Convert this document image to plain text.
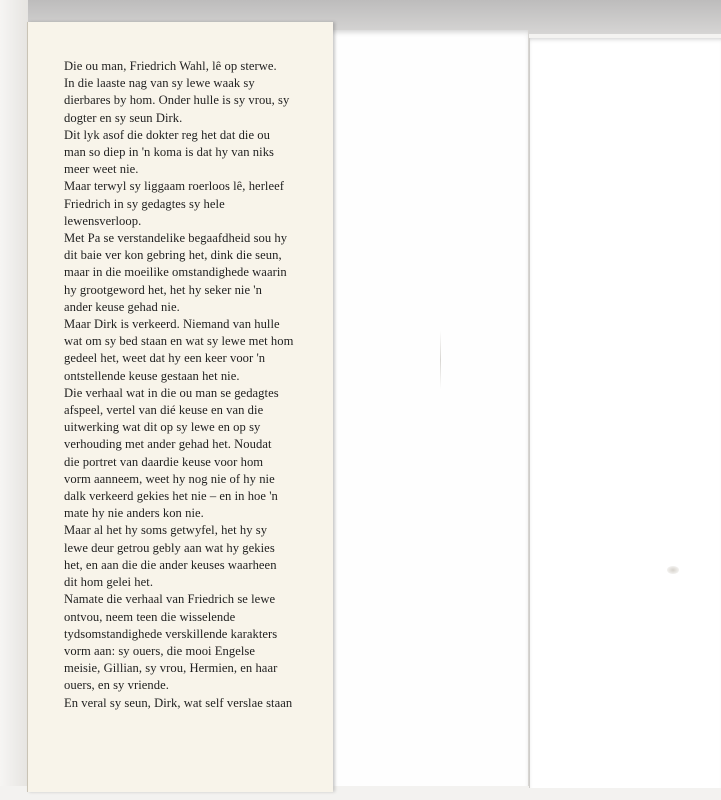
Die ou man, Friedrich Wahl, lê op sterwe.
In die laaste nag van sy lewe waak sy
dierbares by hom. Onder hulle is sy vrou, sy
dogter en sy seun Dirk.

Dit lyk asof die dokter reg het dat die ou
man so diep in 'n koma is dat hy van niks
meer weet nie.

Maar terwyl sy liggaam roerloos lê, herleef
Friedrich in sy gedagtes sy hele
lewensverloop.

Met Pa se verstandelike begaafdheid sou hy
dit baie ver kon gebring het, dink die seun,
maar in die moeilike omstandighede waarin
hy grootgeword het, het hy seker nie 'n
ander keuse gehad nie.

Maar Dirk is verkeerd. Niemand van hulle
wat om sy bed staan en wat sy lewe met hom
gedeel het, weet dat hy een keer voor 'n
ontstellende keuse gestaan het nie.

Die verhaal wat in die ou man se gedagtes
afspeel, vertel van dié keuse en van die
uitwerking wat dit op sy lewe en op sy
verhouding met ander gehad het. Noudat
die portret van daardie keuse voor hom
vorm aanneem, weet hy nog nie of hy nie
dalk verkeerd gekies het nie – en in hoe 'n
mate hy nie anders kon nie.

Maar al het hy soms getwyfel, het hy sy
lewe deur getrou gebly aan wat hy gekies
het, en aan die die ander keuses waarheen
dit hom gelei het.

Namate die verhaal van Friedrich se lewe
ontvou, neem teen die wisselende
tydsomstandighede verskillende karakters
vorm aan: sy ouers, die mooi Engelse
meisie, Gillian, sy vrou, Hermien, en haar
ouers, en sy vriende.

En veral sy seun, Dirk, wat self verslae staan
